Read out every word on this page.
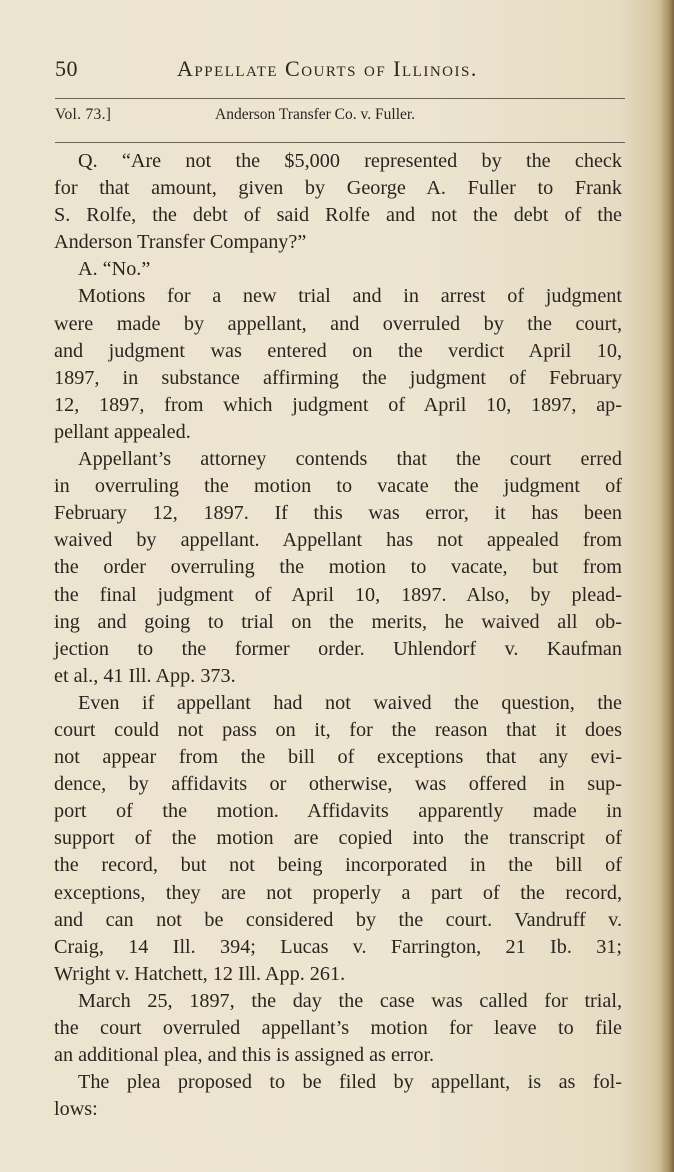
50	Appellate Courts of Illinois.
Vol. 73.]	Anderson Transfer Co. v. Fuller.
Q. “Are not the $5,000 represented by the check
for that amount, given by George A. Fuller to Frank
S. Rolfe, the debt of said Rolfe and not the debt of the
Anderson Transfer Company?”
A. “No.”
Motions for a new trial and in arrest of judgment
were made by appellant, and overruled by the court,
and judgment was entered on the verdict April 10,
1897, in substance affirming the judgment of February
12, 1897, from which judgment of April 10, 1897, ap-
pellant appealed.
Appellant’s attorney contends that the court erred
in overruling the motion to vacate the judgment of
February 12, 1897. If this was error, it has been
waived by appellant. Appellant has not appealed from
the order overruling the motion to vacate, but from
the final judgment of April 10, 1897. Also, by plead-
ing and going to trial on the merits, he waived all ob-
jection to the former order. Uhlendorf v. Kaufman
et al., 41 Ill. App. 373.
Even if appellant had not waived the question, the
court could not pass on it, for the reason that it does
not appear from the bill of exceptions that any evi-
dence, by affidavits or otherwise, was offered in sup-
port of the motion. Affidavits apparently made in
support of the motion are copied into the transcript of
the record, but not being incorporated in the bill of
exceptions, they are not properly a part of the record,
and can not be considered by the court. Vandruff v.
Craig, 14 Ill. 394; Lucas v. Farrington, 21 Ib. 31;
Wright v. Hatchett, 12 Ill. App. 261.
March 25, 1897, the day the case was called for trial,
the court overruled appellant’s motion for leave to file
an additional plea, and this is assigned as error.
The plea proposed to be filed by appellant, is as fol-
lows:
